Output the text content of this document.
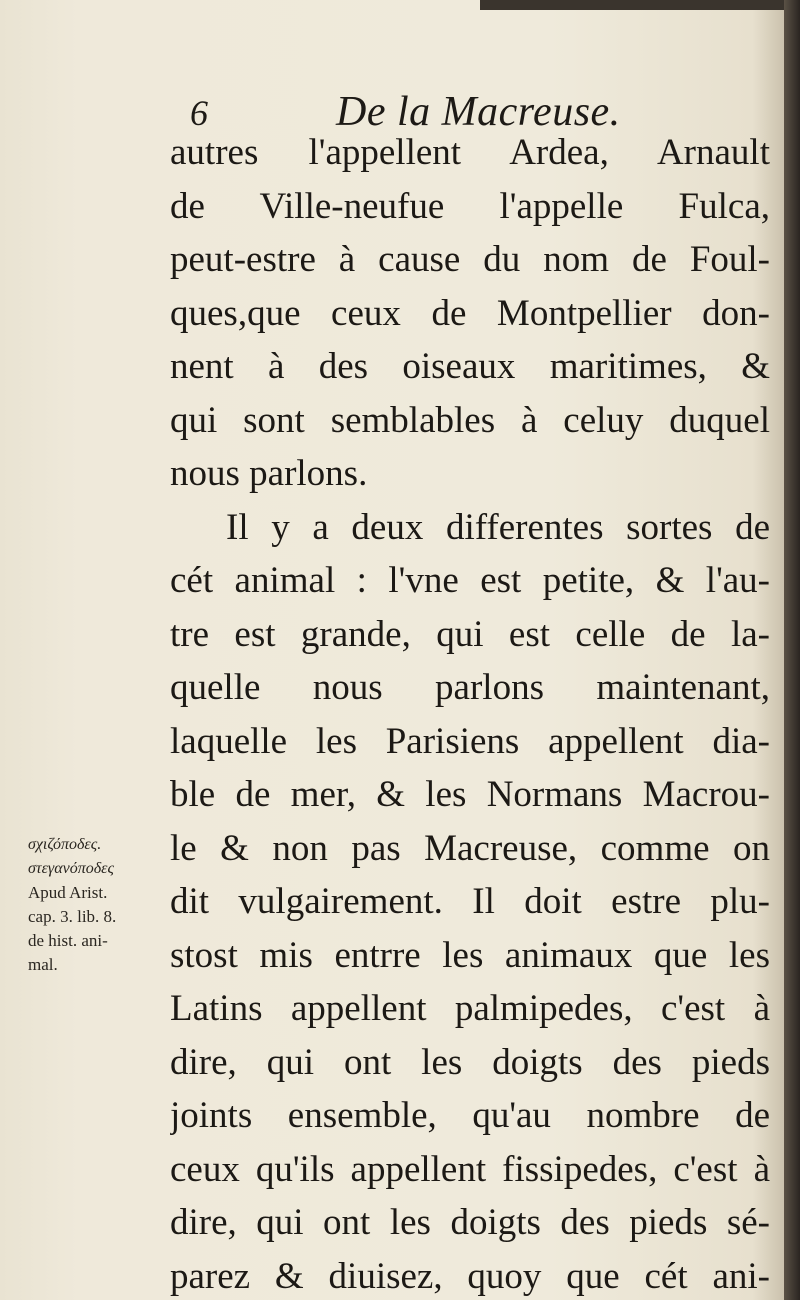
6	De la Macreuse.
autres l'appellent Ardea, Arnault
de Ville-neufue l'appelle Fulca,
peut-estre à cause du nom de Foul-
ques,que ceux de Montpellier don-
nent à des oiseaux maritimes, &
qui sont semblables à celuy duquel
nous parlons.
Il y a deux differentes sortes de
cét animal : l'vne est petite, & l'au-
tre est grande, qui est celle de la-
quelle nous parlons maintenant,
laquelle les Parisiens appellent dia-
ble de mer, & les Normans Macrou-
le & non pas Macreuse, comme on
dit vulgairement. Il doit estre plu-
stost mis entrre les animaux que les
Latins appellent palmipedes, c'est à
dire, qui ont les doigts des pieds
joints ensemble, qu'au nombre de
ceux qu'ils appellent fissipedes, c'est à
dire, qui ont les doigts des pieds sé-
parez & diuisez, quoy que cét ani-
σχιζόποδες.
στεγανόποδες
Apud Arist.
cap. 3. lib. 8.
de hist. ani-
mal.
